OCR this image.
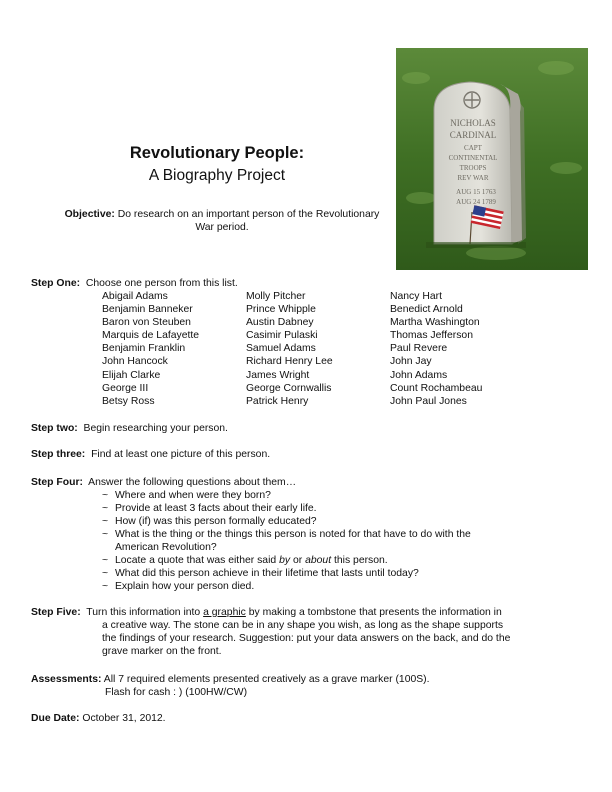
Revolutionary People:
A Biography Project
Objective: Do research on an important person of the Revolutionary War period.
NICHOLAS
CARDINAL
CAPT
CONTINENTAL
TROOPS
REV WAR
AUG 15 1763
AUG 24 1789
Step One: Choose one person from this list.
Abigail Adams
Benjamin Banneker
Baron von Steuben
Marquis de Lafayette
Benjamin Franklin
John Hancock
Elijah Clarke
George III
Betsy Ross
Molly Pitcher
Prince Whipple
Austin Dabney
Casimir Pulaski
Samuel Adams
Richard Henry Lee
James Wright
George Cornwallis
Patrick Henry
Nancy Hart
Benedict Arnold
Martha Washington
Thomas Jefferson
Paul Revere
John Jay
John Adams
Count Rochambeau
John Paul Jones
Step two: Begin researching your person.
Step three: Find at least one picture of this person.
Step Four: Answer the following questions about them…
~ Where and when were they born?
~ Provide at least 3 facts about their early life.
~ How (if) was this person formally educated?
~ What is the thing or the things this person is noted for that have to do with the
American Revolution?
~ Locate a quote that was either said by or about this person.
~ What did this person achieve in their lifetime that lasts until today?
~ Explain how your person died.
Step Five: Turn this information into a graphic by making a tombstone that presents the information in
a creative way. The stone can be in any shape you wish, as long as the shape supports
the findings of your research. Suggestion: put your data answers on the back, and do the
grave marker on the front.
Assessments: All 7 required elements presented creatively as a grave marker (100S).
Flash for cash : ) (100HW/CW)
Due Date: October 31, 2012.
